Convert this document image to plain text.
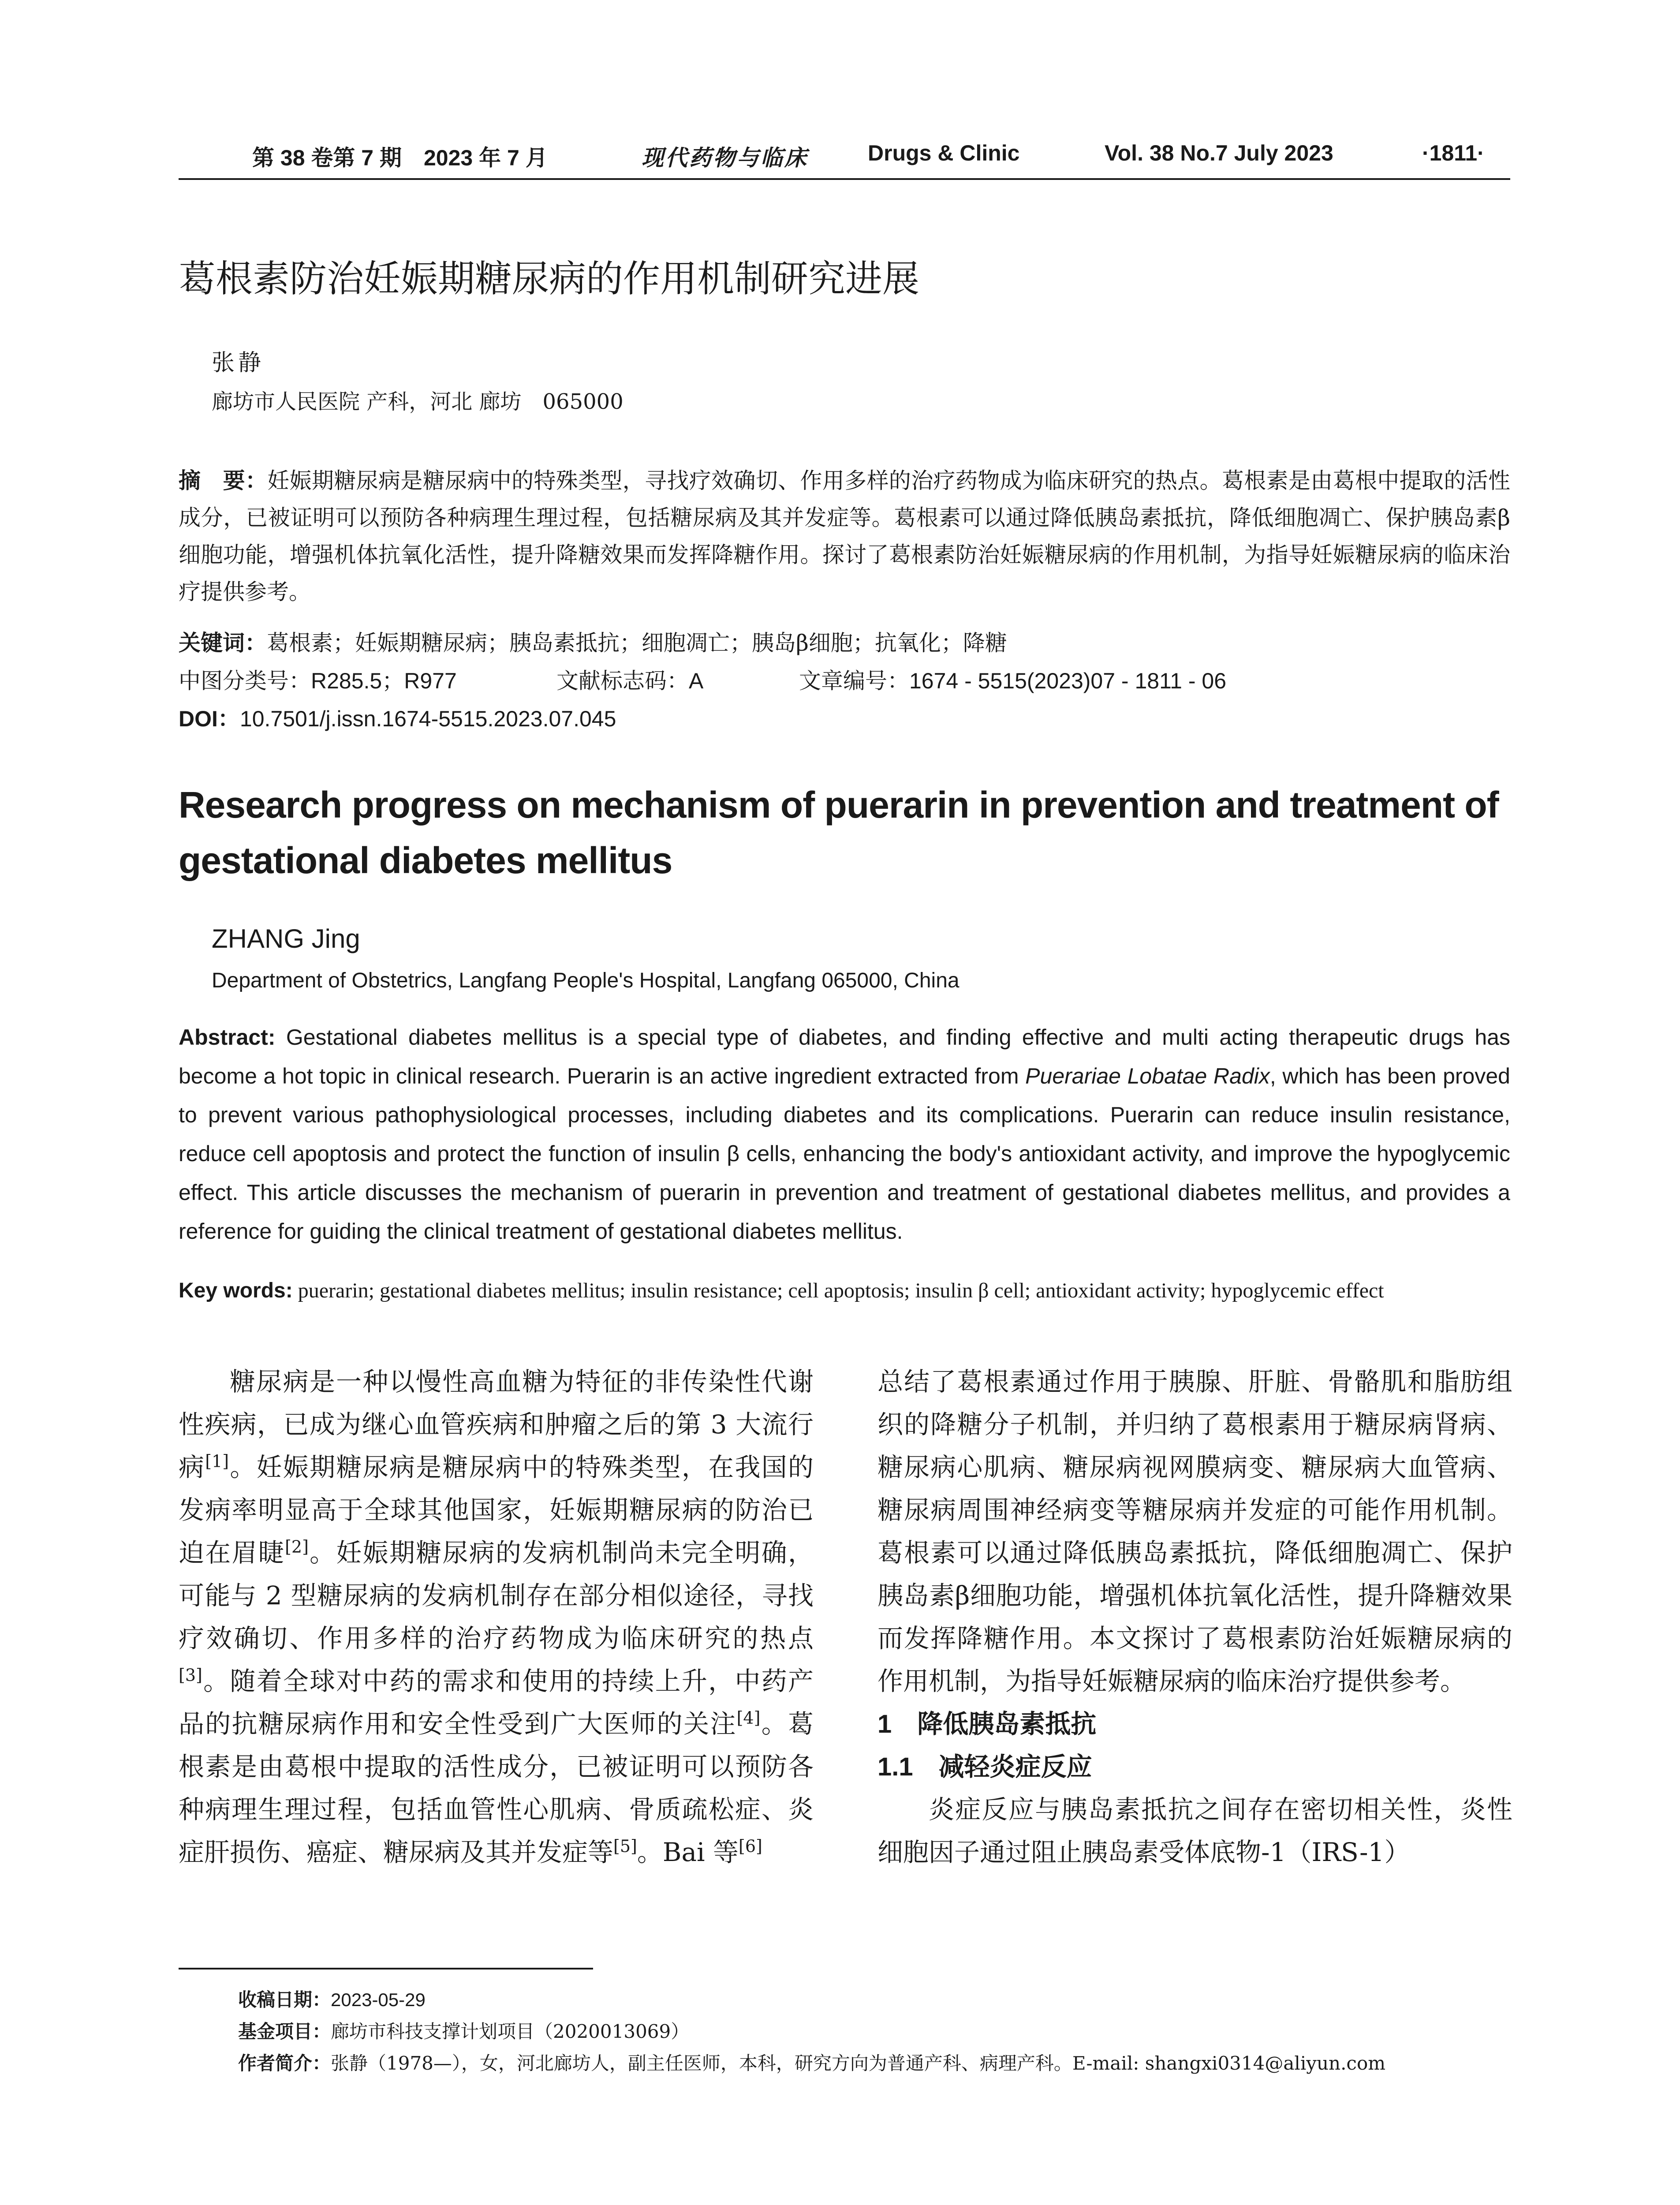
第 38 卷第 7 期　2023 年 7 月	现代药物与临床	Drugs & Clinic	Vol. 38 No.7 July 2023	·1811·
葛根素防治妊娠期糖尿病的作用机制研究进展
张静
廊坊市人民医院 产科，河北 廊坊　065000
摘　要：妊娠期糖尿病是糖尿病中的特殊类型，寻找疗效确切、作用多样的治疗药物成为临床研究的热点。葛根素是由葛根中提取的活性成分，已被证明可以预防各种病理生理过程，包括糖尿病及其并发症等。葛根素可以通过降低胰岛素抵抗，降低细胞凋亡、保护胰岛素β细胞功能，增强机体抗氧化活性，提升降糖效果而发挥降糖作用。探讨了葛根素防治妊娠糖尿病的作用机制，为指导妊娠糖尿病的临床治疗提供参考。
关键词：葛根素；妊娠期糖尿病；胰岛素抵抗；细胞凋亡；胰岛β细胞；抗氧化；降糖
中图分类号：R285.5；R977	文献标志码：A	文章编号：1674 - 5515(2023)07 - 1811 - 06
DOI：10.7501/j.issn.1674-5515.2023.07.045
Research progress on mechanism of puerarin in prevention and treatment of gestational diabetes mellitus
ZHANG Jing
Department of Obstetrics, Langfang People's Hospital, Langfang 065000, China
Abstract: Gestational diabetes mellitus is a special type of diabetes, and finding effective and multi acting therapeutic drugs has become a hot topic in clinical research. Puerarin is an active ingredient extracted from Puerariae Lobatae Radix, which has been proved to prevent various pathophysiological processes, including diabetes and its complications. Puerarin can reduce insulin resistance, reduce cell apoptosis and protect the function of insulin β cells, enhancing the body's antioxidant activity, and improve the hypoglycemic effect. This article discusses the mechanism of puerarin in prevention and treatment of gestational diabetes mellitus, and provides a reference for guiding the clinical treatment of gestational diabetes mellitus.
Key words: puerarin; gestational diabetes mellitus; insulin resistance; cell apoptosis; insulin β cell; antioxidant activity; hypoglycemic effect

糖尿病是一种以慢性高血糖为特征的非传染性代谢性疾病，已成为继心血管疾病和肿瘤之后的第 3 大流行病[1]。妊娠期糖尿病是糖尿病中的特殊类型，在我国的发病率明显高于全球其他国家，妊娠期糖尿病的防治已迫在眉睫[2]。妊娠期糖尿病的发病机制尚未完全明确，可能与 2 型糖尿病的发病机制存在部分相似途径，寻找疗效确切、作用多样的治疗药物成为临床研究的热点[3]。随着全球对中药的需求和使用的持续上升，中药产品的抗糖尿病作用和安全性受到广大医师的关注[4]。葛根素是由葛根中提取的活性成分，已被证明可以预防各种病理生理过程，包括血管性心肌病、骨质疏松症、炎症肝损伤、癌症、糖尿病及其并发症等[5]。Bai 等[6]

总结了葛根素通过作用于胰腺、肝脏、骨骼肌和脂肪组织的降糖分子机制，并归纳了葛根素用于糖尿病肾病、糖尿病心肌病、糖尿病视网膜病变、糖尿病大血管病、糖尿病周围神经病变等糖尿病并发症的可能作用机制。葛根素可以通过降低胰岛素抵抗，降低细胞凋亡、保护胰岛素β细胞功能，增强机体抗氧化活性，提升降糖效果而发挥降糖作用。本文探讨了葛根素防治妊娠糖尿病的作用机制，为指导妊娠糖尿病的临床治疗提供参考。

1　降低胰岛素抵抗
1.1　减轻炎症反应

炎症反应与胰岛素抵抗之间存在密切相关性，炎性细胞因子通过阻止胰岛素受体底物-1（IRS-1）

收稿日期：2023-05-29
基金项目：廊坊市科技支撑计划项目（2020013069）
作者简介：张静（1978—），女，河北廊坊人，副主任医师，本科，研究方向为普通产科、病理产科。E-mail: shangxi0314@aliyun.com
